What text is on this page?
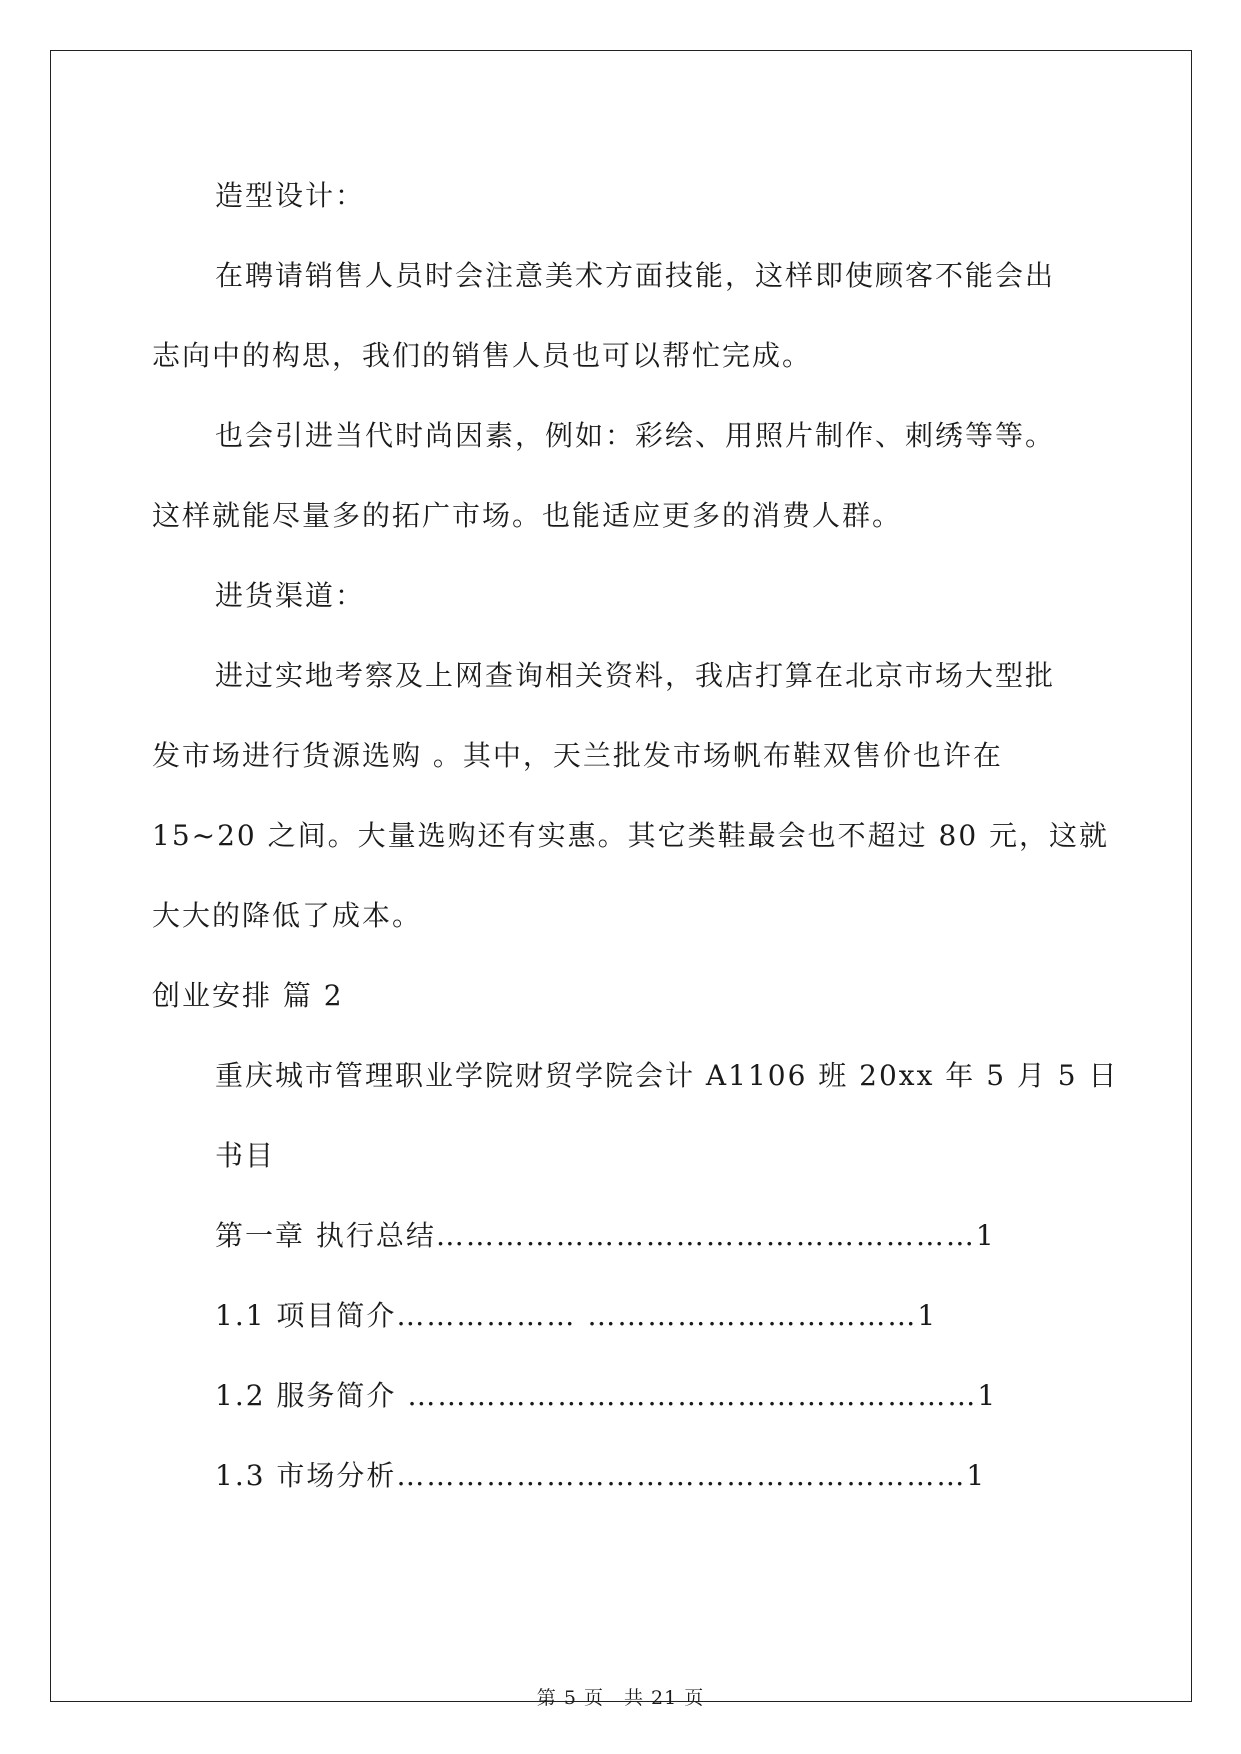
造型设计：
在聘请销售人员时会注意美术方面技能，这样即使顾客不能会出
志向中的构思，我们的销售人员也可以帮忙完成。
也会引进当代时尚因素，例如：彩绘、用照片制作、刺绣等等。
这样就能尽量多的拓广市场。也能适应更多的消费人群。
进货渠道：
进过实地考察及上网查询相关资料，我店打算在北京市场大型批
发市场进行货源选购 。其中，天兰批发市场帆布鞋双售价也许在
15~20 之间。大量选购还有实惠。其它类鞋最会也不超过 80 元，这就
大大的降低了成本。
创业安排 篇 2
重庆城市管理职业学院财贸学院会计 A1106 班 20xx 年 5 月 5 日
书目
第一章 执行总结………………………………………………1
1.1 项目简介……………… ……………………………1
1.2 服务简介 …………………………………………………1
1.3 市场分析…………………………………………………1
第 5 页　共 21 页
